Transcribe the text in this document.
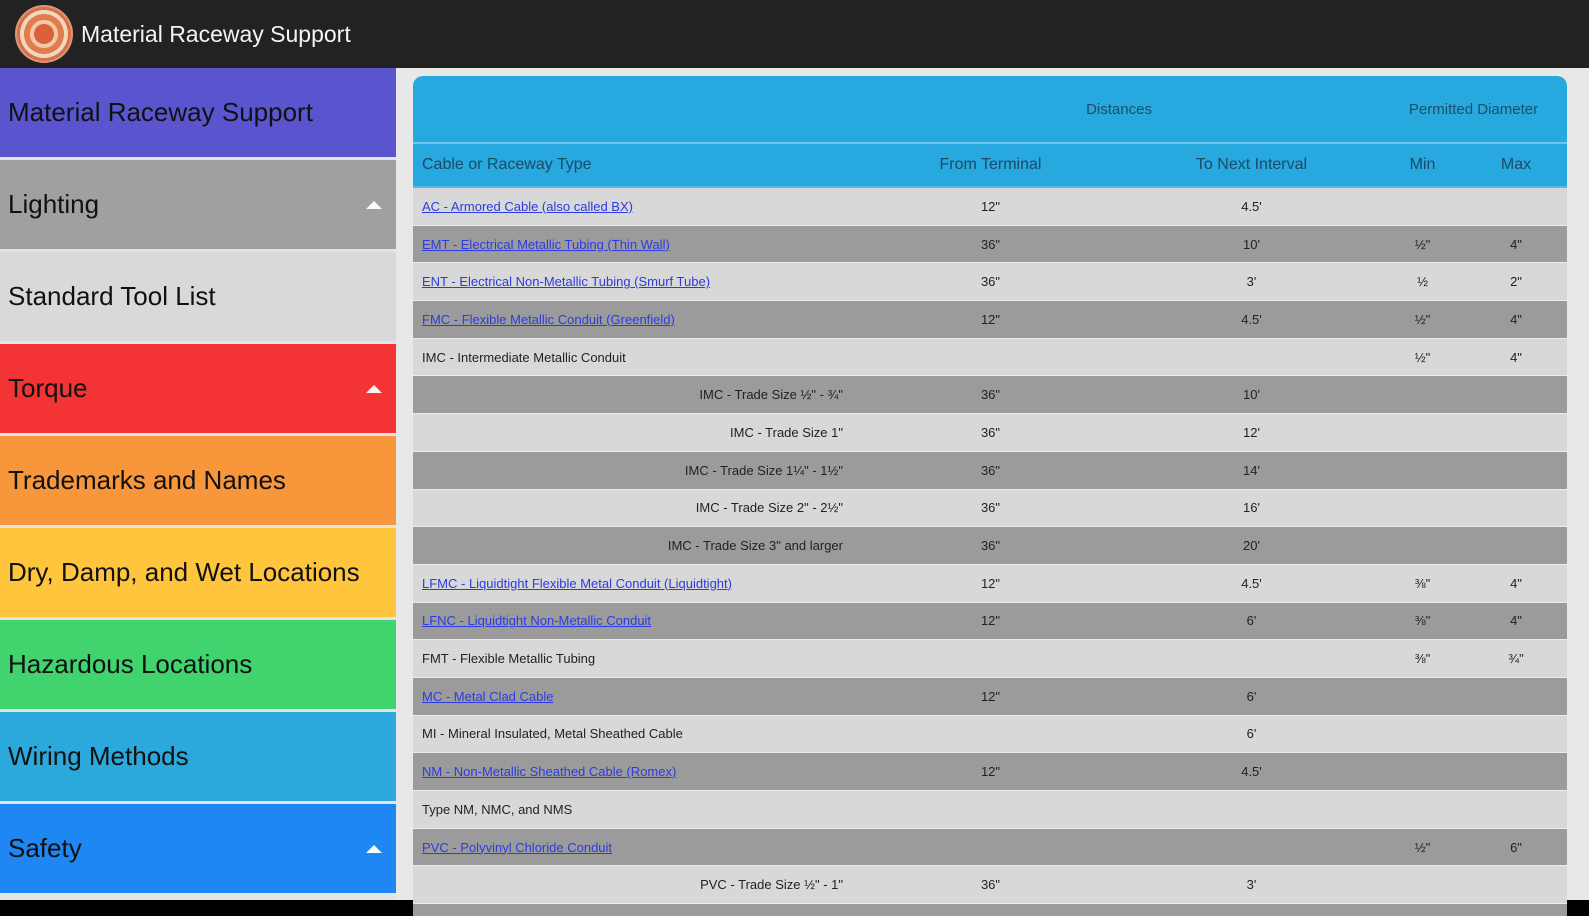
Material Raceway Support
Material Raceway Support
Lighting
Standard Tool List
Torque
Trademarks and Names
Dry, Damp, and Wet Locations
Hazardous Locations
Wiring Methods
Safety
	Distances		Permitted Diameter	
Cable or Raceway Type	From Terminal	To Next Interval	Min	Max
AC - Armored Cable (also called BX)	12"	4.5'		
EMT - Electrical Metallic Tubing (Thin Wall)	36"	10'	½"	4"
ENT - Electrical Non-Metallic Tubing (Smurf Tube)	36"	3'	½	2"
FMC - Flexible Metallic Conduit (Greenfield)	12"	4.5'	½"	4"
IMC - Intermediate Metallic Conduit			½"	4"
IMC - Trade Size ½" - ¾"	36"	10'		
IMC - Trade Size 1"	36"	12'		
IMC - Trade Size 1¼" - 1½"	36"	14'		
IMC - Trade Size 2" - 2½"	36"	16'		
IMC - Trade Size 3" and larger	36"	20'		
LFMC - Liquidtight Flexible Metal Conduit (Liquidtight)	12"	4.5'	⅜"	4"
LFNC - Liquidtight Non-Metallic Conduit	12"	6'	⅜"	4"
FMT - Flexible Metallic Tubing			⅜"	¾"
MC - Metal Clad Cable	12"	6'		
MI - Mineral Insulated, Metal Sheathed Cable		6'		
NM - Non-Metallic Sheathed Cable (Romex)	12"	4.5'		
Type NM, NMC, and NMS				
PVC - Polyvinyl Chloride Conduit			½"	6"
PVC - Trade Size ½" - 1"	36"	3'		
